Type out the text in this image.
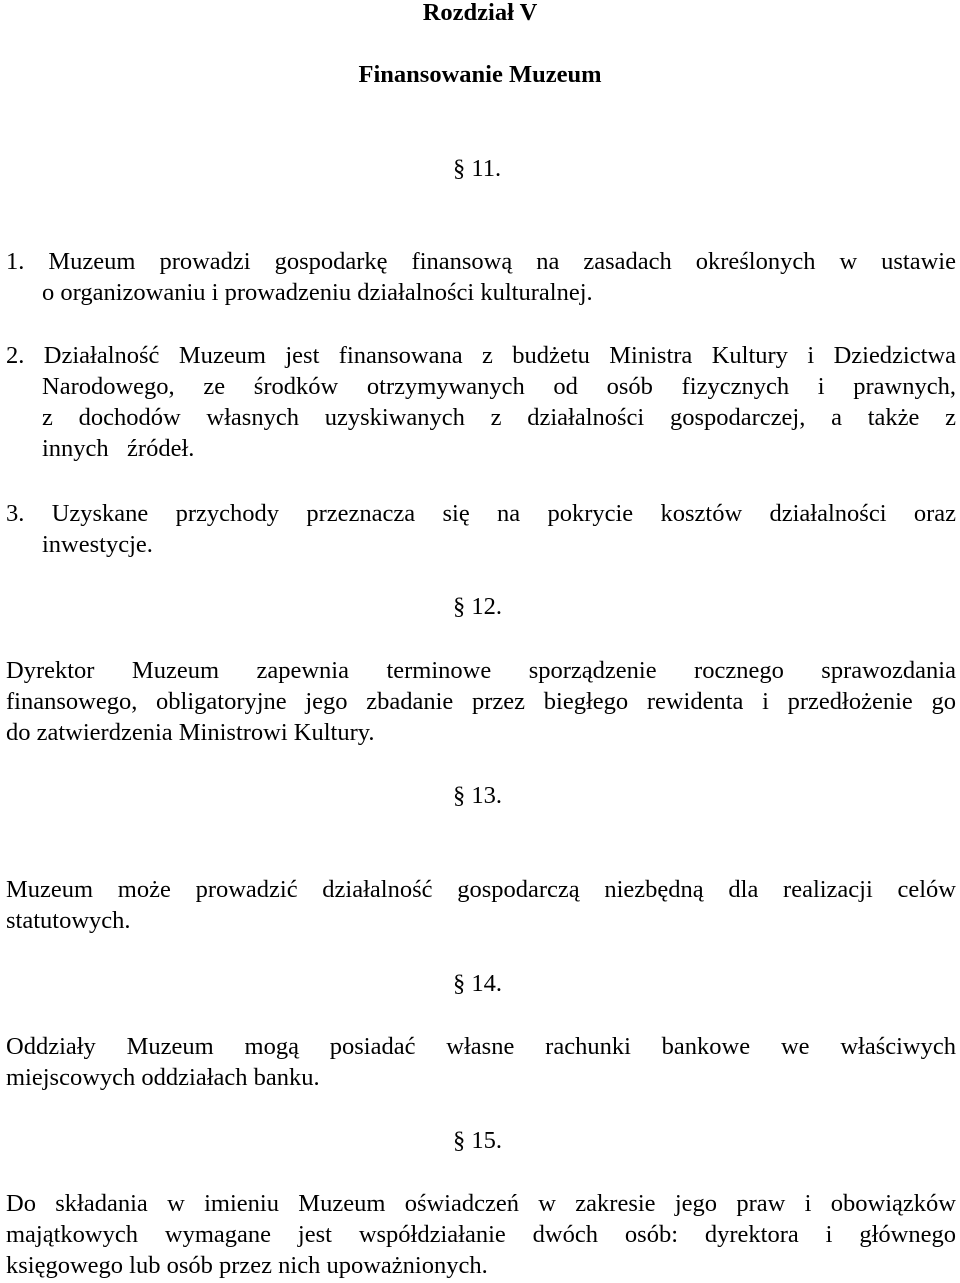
Rozdział V
Finansowanie Muzeum
§ 11.
1. Muzeum prowadzi gospodarkę finansową na zasadach określonych w ustawie
o organizowaniu i prowadzeniu działalności kulturalnej.
2. Działalność Muzeum jest finansowana z budżetu Ministra Kultury i Dziedzictwa
Narodowego, ze środków otrzymywanych od osób fizycznych i prawnych,
z dochodów własnych uzyskiwanych z działalności gospodarczej, a także z
innych   źródeł.
3. Uzyskane przychody przeznacza się na pokrycie kosztów działalności oraz
inwestycje.
§ 12.
Dyrektor Muzeum zapewnia terminowe sporządzenie rocznego sprawozdania
finansowego, obligatoryjne jego zbadanie przez biegłego rewidenta i przedłożenie go
do zatwierdzenia Ministrowi Kultury.
§ 13.
Muzeum może prowadzić działalność gospodarczą niezbędną dla realizacji celów
statutowych.
§ 14.
Oddziały Muzeum mogą posiadać własne rachunki bankowe we właściwych
miejscowych oddziałach banku.
§ 15.
Do składania w imieniu Muzeum oświadczeń w zakresie jego praw i obowiązków
majątkowych wymagane jest współdziałanie dwóch osób: dyrektora i głównego
księgowego lub osób przez nich upoważnionych.
